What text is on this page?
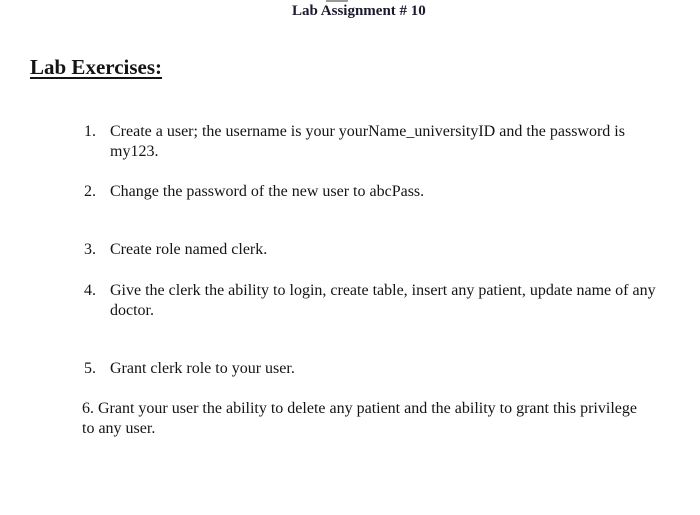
Lab Assignment # 10
Lab Exercises:
1. Create a user; the username is your yourName_universityID and the password is my123.
2. Change the password of the new user to abcPass.
3. Create role named clerk.
4. Give the clerk the ability to login, create table, insert any patient, update name of any doctor.
5. Grant clerk role to your user.
6. Grant your user the ability to delete any patient and the ability to grant this privilege to any user.
